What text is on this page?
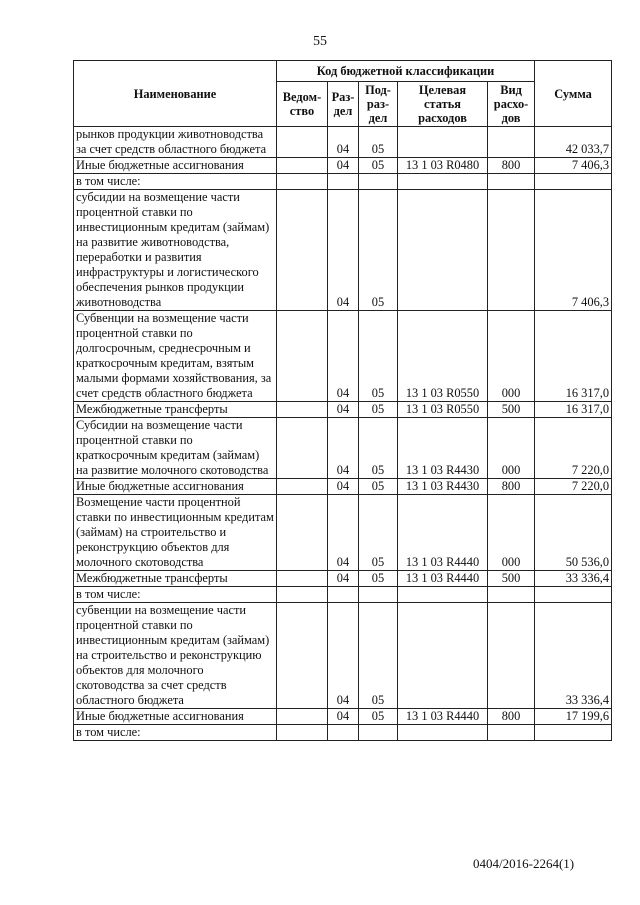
55
Наименование	Код бюджетной классификации					Сумма
	Ведом-ство	Раз-дел	Под-раз-дел	Целевая статья расходов	Вид расхо-дов	
рынков продукции животноводства за счет средств областного бюджета		04	05			42 033,7
Иные бюджетные ассигнования		04	05	13 1 03 R0480	800	7 406,3
в том числе:						
субсидии на возмещение части процентной ставки по инвестиционным кредитам (займам) на развитие животноводства, переработки и развития инфраструктуры и логистического обеспечения рынков продукции животноводства		04	05			7 406,3
Субвенции на возмещение части процентной ставки по долгосрочным, среднесрочным и краткосрочным кредитам, взятым малыми формами хозяйствования, за счет средств областного бюджета		04	05	13 1 03 R0550	000	16 317,0
Межбюджетные трансферты		04	05	13 1 03 R0550	500	16 317,0
Субсидии на возмещение части процентной ставки по краткосрочным кредитам (займам) на развитие молочного скотоводства		04	05	13 1 03 R4430	000	7 220,0
Иные бюджетные ассигнования		04	05	13 1 03 R4430	800	7 220,0
Возмещение части процентной ставки по инвестиционным кредитам (займам) на строительство и реконструкцию объектов для молочного скотоводства		04	05	13 1 03 R4440	000	50 536,0
Межбюджетные трансферты		04	05	13 1 03 R4440	500	33 336,4
в том числе:						
субвенции на возмещение части процентной ставки по инвестиционным кредитам (займам) на строительство и реконструкцию объектов для молочного скотоводства за счет средств областного бюджета		04	05			33 336,4
Иные бюджетные ассигнования		04	05	13 1 03 R4440	800	17 199,6
в том числе:						
0404/2016-2264(1)
